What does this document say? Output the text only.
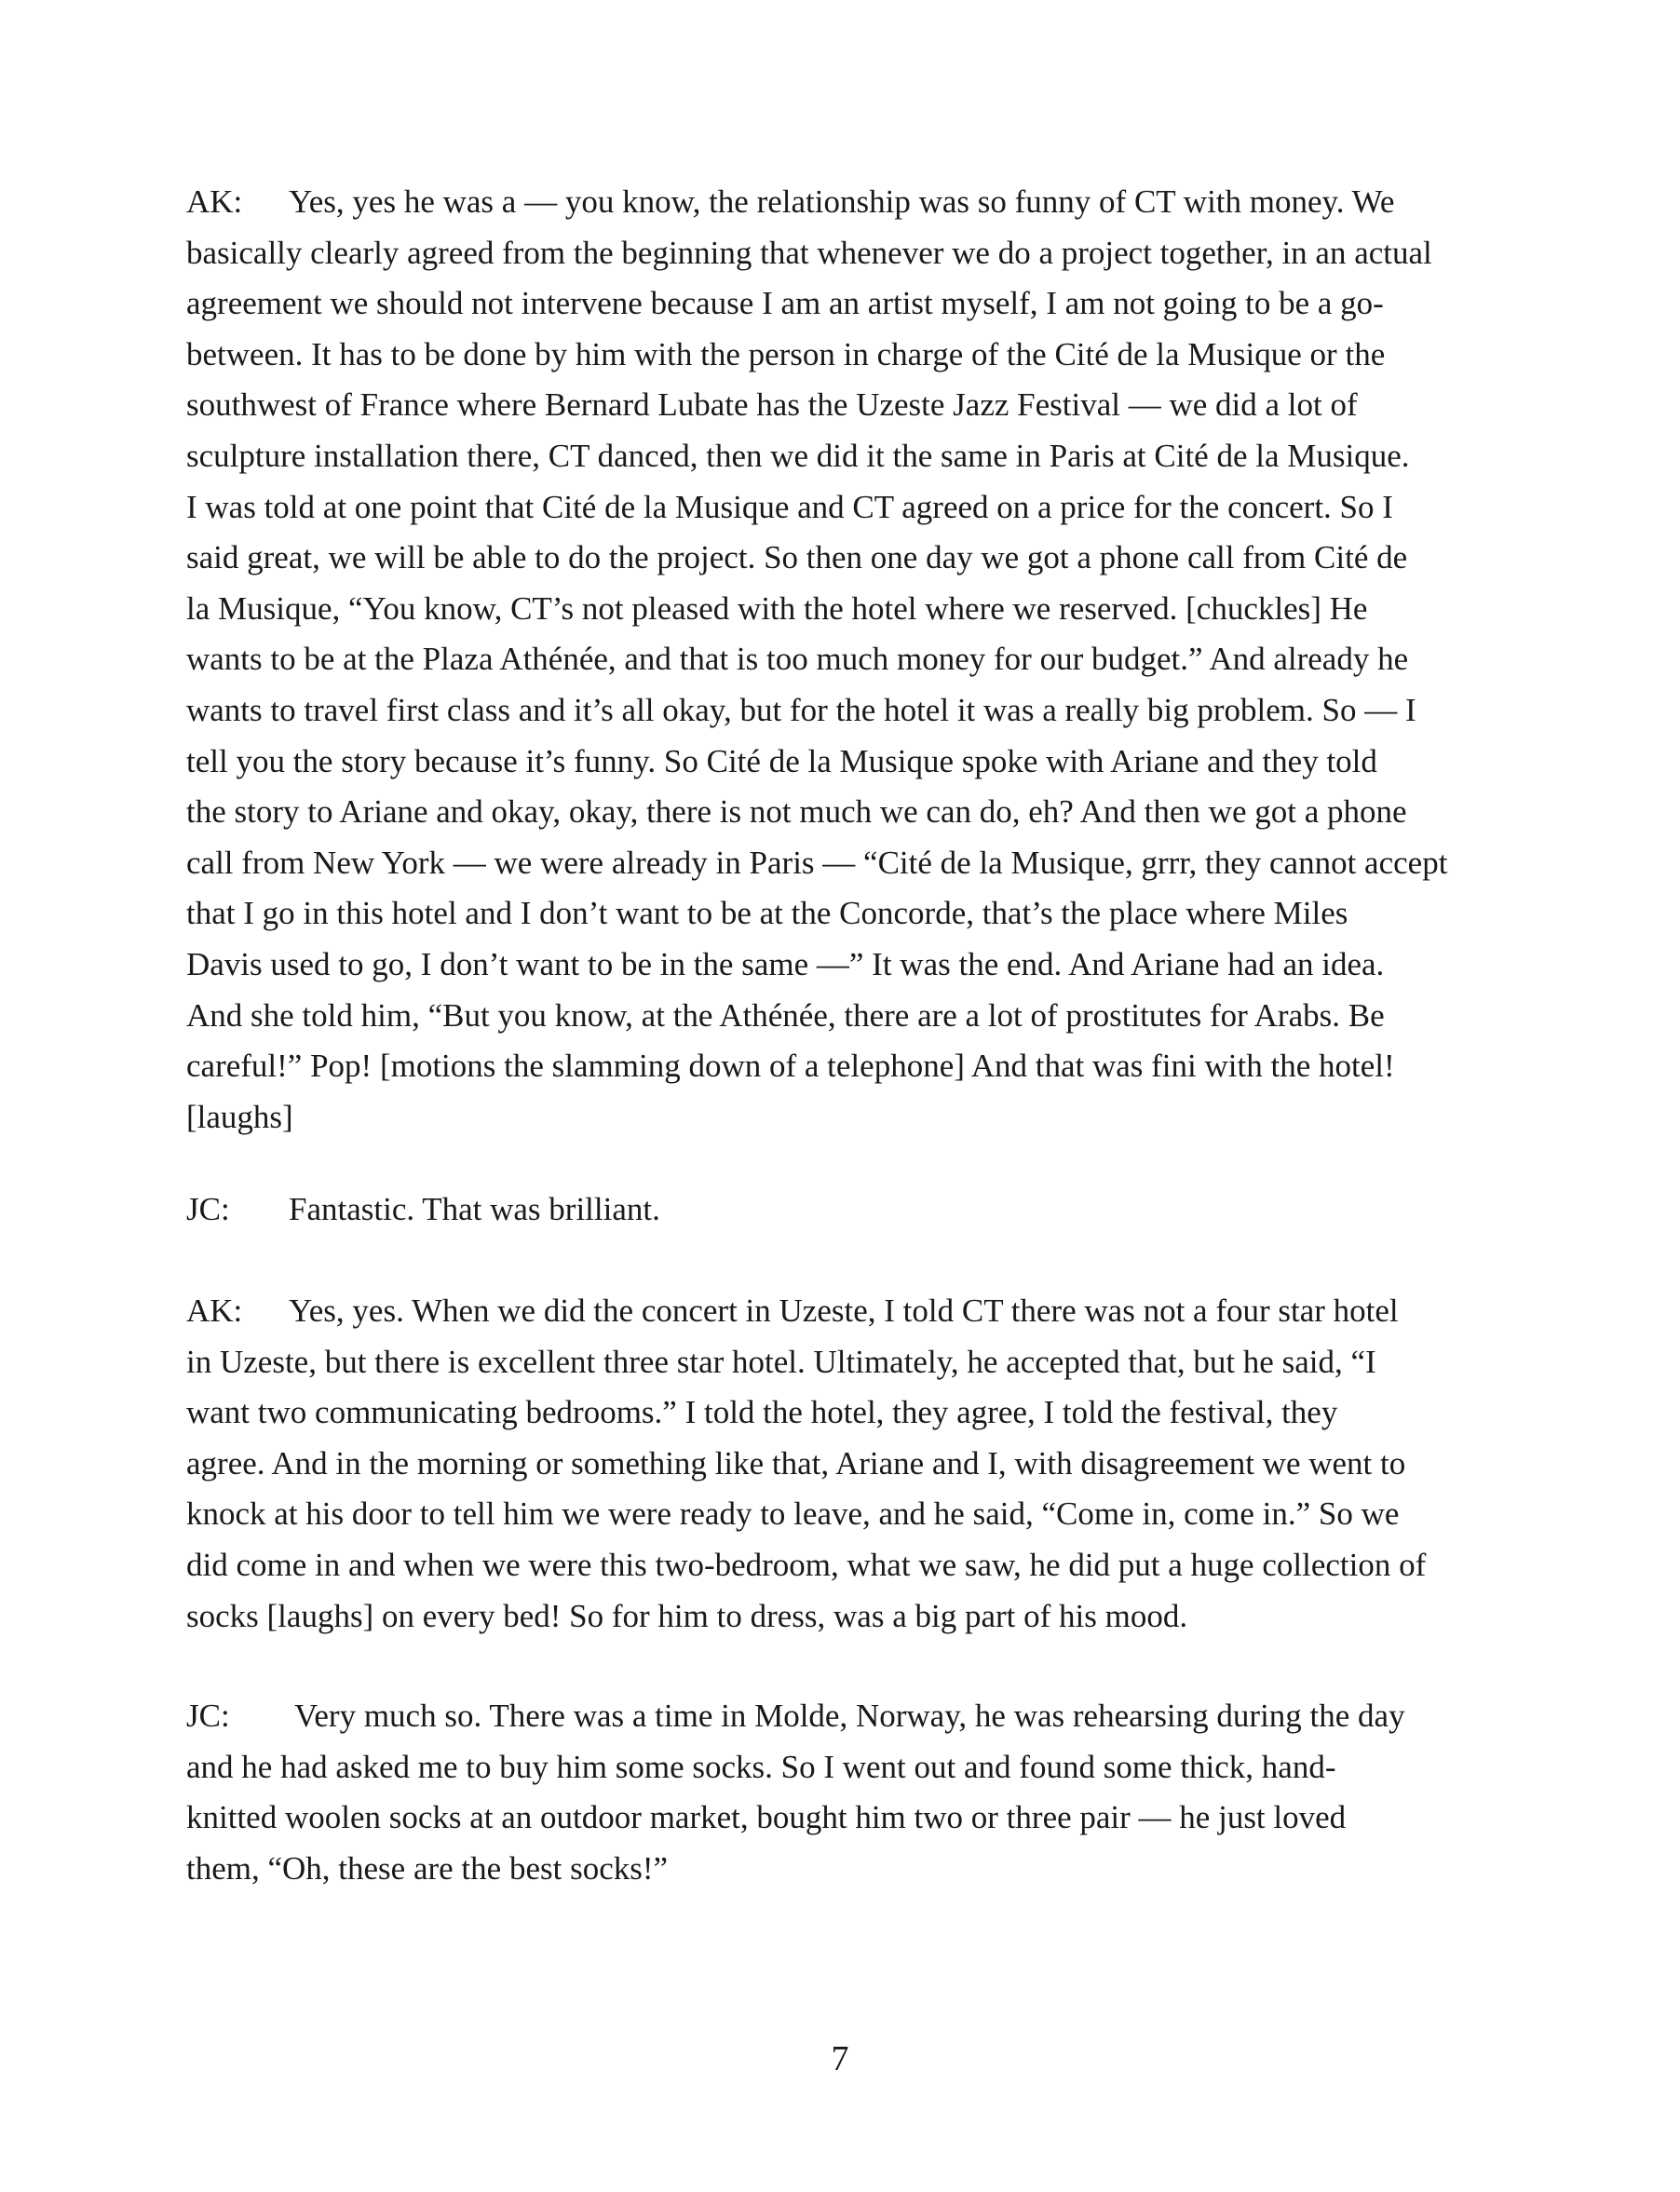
AK: Yes, yes he was a — you know, the relationship was so funny of CT with money. We
basically clearly agreed from the beginning that whenever we do a project together, in an actual
agreement we should not intervene because I am an artist myself, I am not going to be a go-
between. It has to be done by him with the person in charge of the Cité de la Musique or the
southwest of France where Bernard Lubate has the Uzeste Jazz Festival — we did a lot of
sculpture installation there, CT danced, then we did it the same in Paris at Cité de la Musique.
I was told at one point that Cité de la Musique and CT agreed on a price for the concert. So I
said great, we will be able to do the project. So then one day we got a phone call from Cité de
la Musique, “You know, CT’s not pleased with the hotel where we reserved. [chuckles] He
wants to be at the Plaza Athénée, and that is too much money for our budget.” And already he
wants to travel first class and it’s all okay, but for the hotel it was a really big problem. So — I
tell you the story because it’s funny. So Cité de la Musique spoke with Ariane and they told
the story to Ariane and okay, okay, there is not much we can do, eh? And then we got a phone
call from New York — we were already in Paris — “Cité de la Musique, grrr, they cannot accept
that I go in this hotel and I don’t want to be at the Concorde, that’s the place where Miles
Davis used to go, I don’t want to be in the same —” It was the end. And Ariane had an idea.
And she told him, “But you know, at the Athénée, there are a lot of prostitutes for Arabs. Be
careful!” Pop! [motions the slamming down of a telephone] And that was fini with the hotel!
[laughs]
JC: Fantastic. That was brilliant.
AK: Yes, yes. When we did the concert in Uzeste, I told CT there was not a four star hotel
in Uzeste, but there is excellent three star hotel. Ultimately, he accepted that, but he said, “I
want two communicating bedrooms.” I told the hotel, they agree, I told the festival, they
agree. And in the morning or something like that, Ariane and I, with disagreement we went to
knock at his door to tell him we were ready to leave, and he said, “Come in, come in.” So we
did come in and when we were this two-bedroom, what we saw, he did put a huge collection of
socks [laughs] on every bed! So for him to dress, was a big part of his mood.
JC: Very much so. There was a time in Molde, Norway, he was rehearsing during the day
and he had asked me to buy him some socks. So I went out and found some thick, hand-
knitted woolen socks at an outdoor market, bought him two or three pair — he just loved
them, “Oh, these are the best socks!”
7
